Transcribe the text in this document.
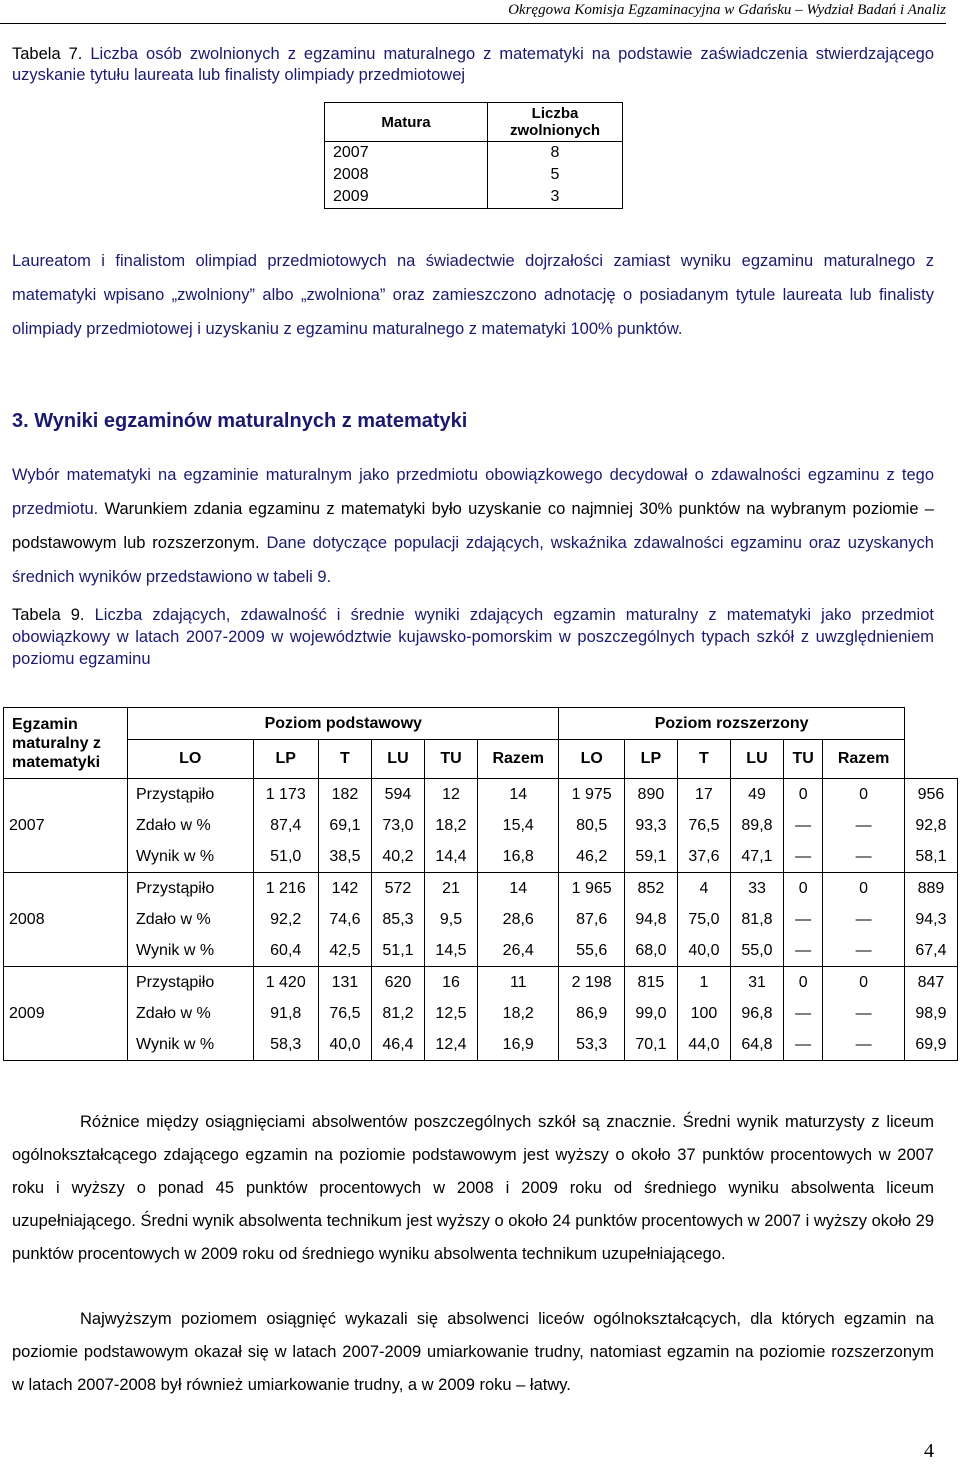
Okręgowa Komisja Egzaminacyjna w Gdańsku – Wydział Badań i Analiz
Tabela 7. Liczba osób zwolnionych z egzaminu maturalnego z matematyki na podstawie zaświadczenia stwierdzającego uzyskanie tytułu laureata lub finalisty olimpiady przedmiotowej
Matura	Liczba zwolnionych
2007	8
2008	5
2009	3
Laureatom i finalistom olimpiad przedmiotowych na świadectwie dojrzałości zamiast wyniku egzaminu maturalnego z matematyki wpisano „zwolniony” albo „zwolniona” oraz zamieszczono adnotację o posiadanym tytule laureata lub finalisty olimpiady przedmiotowej i uzyskaniu z egzaminu maturalnego z matematyki 100% punktów.
3. Wyniki egzaminów maturalnych z matematyki
Wybór matematyki na egzaminie maturalnym jako przedmiotu obowiązkowego decydował o zdawalności egzaminu z tego przedmiotu. Warunkiem zdania egzaminu z matematyki było uzyskanie co najmniej 30% punktów na wybranym poziomie – podstawowym lub rozszerzonym. Dane dotyczące populacji zdających, wskaźnika zdawalności egzaminu oraz uzyskanych średnich wyników przedstawiono w tabeli 9.
Tabela 9. Liczba zdających, zdawalność i średnie wyniki zdających egzamin maturalny z matematyki jako przedmiot obowiązkowy w latach 2007-2009 w województwie kujawsko-pomorskim w poszczególnych typach szkół z uwzględnieniem poziomu egzaminu
Egzamin maturalny z matematyki	Poziom podstawowy						Poziom rozszerzony						
	LO	LP	T	LU	TU	Razem	LO	LP	T	LU	TU	Razem	
2007	Przystąpiło	1 173	182	594	12	14	1 975	890	17	49	0	0	956
	Zdało w %	87,4	69,1	73,0	18,2	15,4	80,5	93,3	76,5	89,8	—	—	92,8
	Wynik w %	51,0	38,5	40,2	14,4	16,8	46,2	59,1	37,6	47,1	—	—	58,1
2008	Przystąpiło	1 216	142	572	21	14	1 965	852	4	33	0	0	889
	Zdało w %	92,2	74,6	85,3	9,5	28,6	87,6	94,8	75,0	81,8	—	—	94,3
	Wynik w %	60,4	42,5	51,1	14,5	26,4	55,6	68,0	40,0	55,0	—	—	67,4
2009	Przystąpiło	1 420	131	620	16	11	2 198	815	1	31	0	0	847
	Zdało w %	91,8	76,5	81,2	12,5	18,2	86,9	99,0	100	96,8	—	—	98,9
	Wynik w %	58,3	40,0	46,4	12,4	16,9	53,3	70,1	44,0	64,8	—	—	69,9
Różnice między osiągnięciami absolwentów poszczególnych szkół są znacznie. Średni wynik maturzysty z liceum ogólnokształcącego zdającego egzamin na poziomie podstawowym jest wyższy o około 37 punktów procentowych w 2007 roku i wyższy o ponad 45 punktów procentowych w 2008 i 2009 roku od średniego wyniku absolwenta liceum uzupełniającego. Średni wynik absolwenta technikum jest wyższy o około 24 punktów procentowych w 2007 i wyższy około 29 punktów procentowych w 2009 roku od średniego wyniku absolwenta technikum uzupełniającego.
Najwyższym poziomem osiągnięć wykazali się absolwenci liceów ogólnokształcących, dla których egzamin na poziomie podstawowym okazał się w latach 2007-2009 umiarkowanie trudny, natomiast egzamin na poziomie rozszerzonym w latach 2007-2008 był również umiarkowanie trudny, a w 2009 roku – łatwy.
4
